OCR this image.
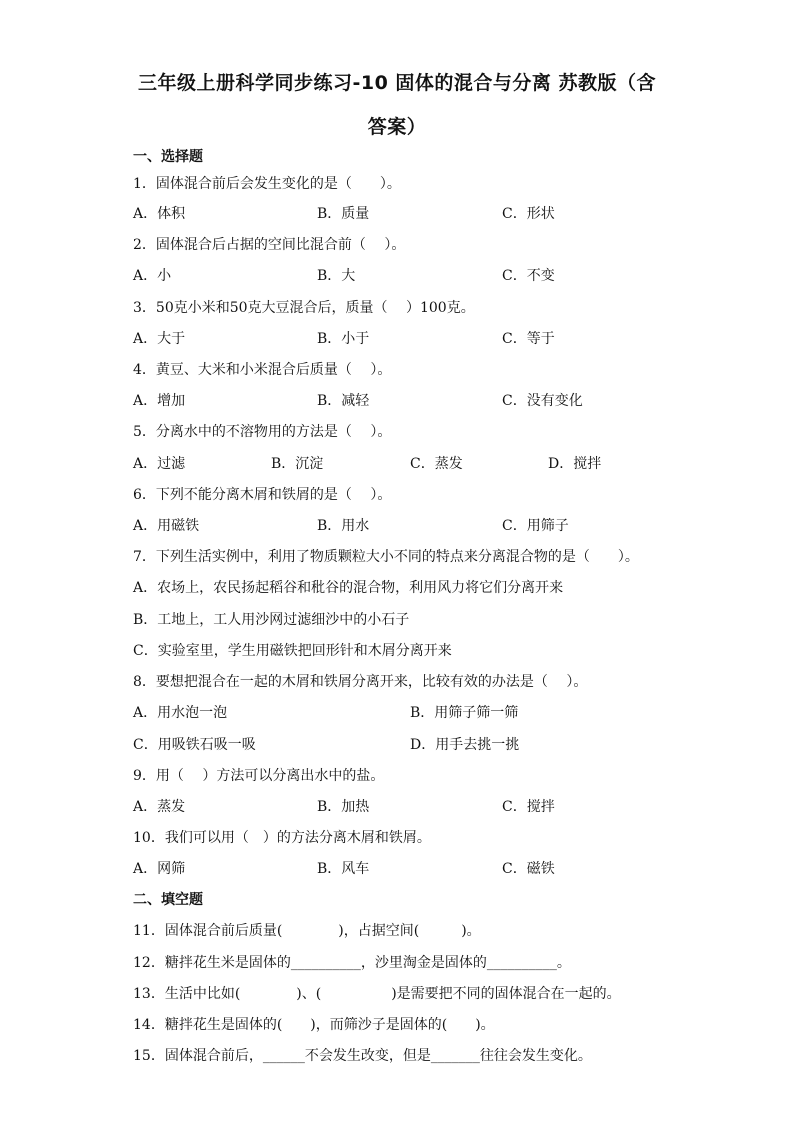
三年级上册科学同步练习-10 固体的混合与分离 苏教版（含
答案）
一、选择题
1．固体混合前后会发生变化的是（　　）。
A．体积	B．质量	C．形状
2．固体混合后占据的空间比混合前（　 ）。
A．小	B．大	C．不变
3．50克小米和50克大豆混合后，质量（　 ）100克。
A．大于	B．小于	C．等于
4．黄豆、大米和小米混合后质量（　 ）。
A．增加	B．减轻	C．没有变化
5．分离水中的不溶物用的方法是（　 ）。
A．过滤	B．沉淀	C．蒸发	D．搅拌
6．下列不能分离木屑和铁屑的是（　 ）。
A．用磁铁	B．用水	C．用筛子
7．下列生活实例中，利用了物质颗粒大小不同的特点来分离混合物的是（　　）。
A．农场上，农民扬起稻谷和秕谷的混合物，利用风力将它们分离开来
B．工地上，工人用沙网过滤细沙中的小石子
C．实验室里，学生用磁铁把回形针和木屑分离开来
8．要想把混合在一起的木屑和铁屑分离开来，比较有效的办法是（　 ）。
A．用水泡一泡	B．用筛子筛一筛
C．用吸铁石吸一吸	D．用手去挑一挑
9．用（　 ）方法可以分离出水中的盐。
A．蒸发	B．加热	C．搅拌
10．我们可以用（　）的方法分离木屑和铁屑。
A．网筛	B．风车	C．磁铁
二、填空题
11．固体混合前后质量(　　　　)，占据空间(　　　)。
12．糖拌花生米是固体的__________，沙里淘金是固体的__________。
13．生活中比如(　　　　)、(　　　　　)是需要把不同的固体混合在一起的。
14．糖拌花生是固体的(　　)，而筛沙子是固体的(　　)。
15．固体混合前后，______不会发生改变，但是_______往往会发生变化。
